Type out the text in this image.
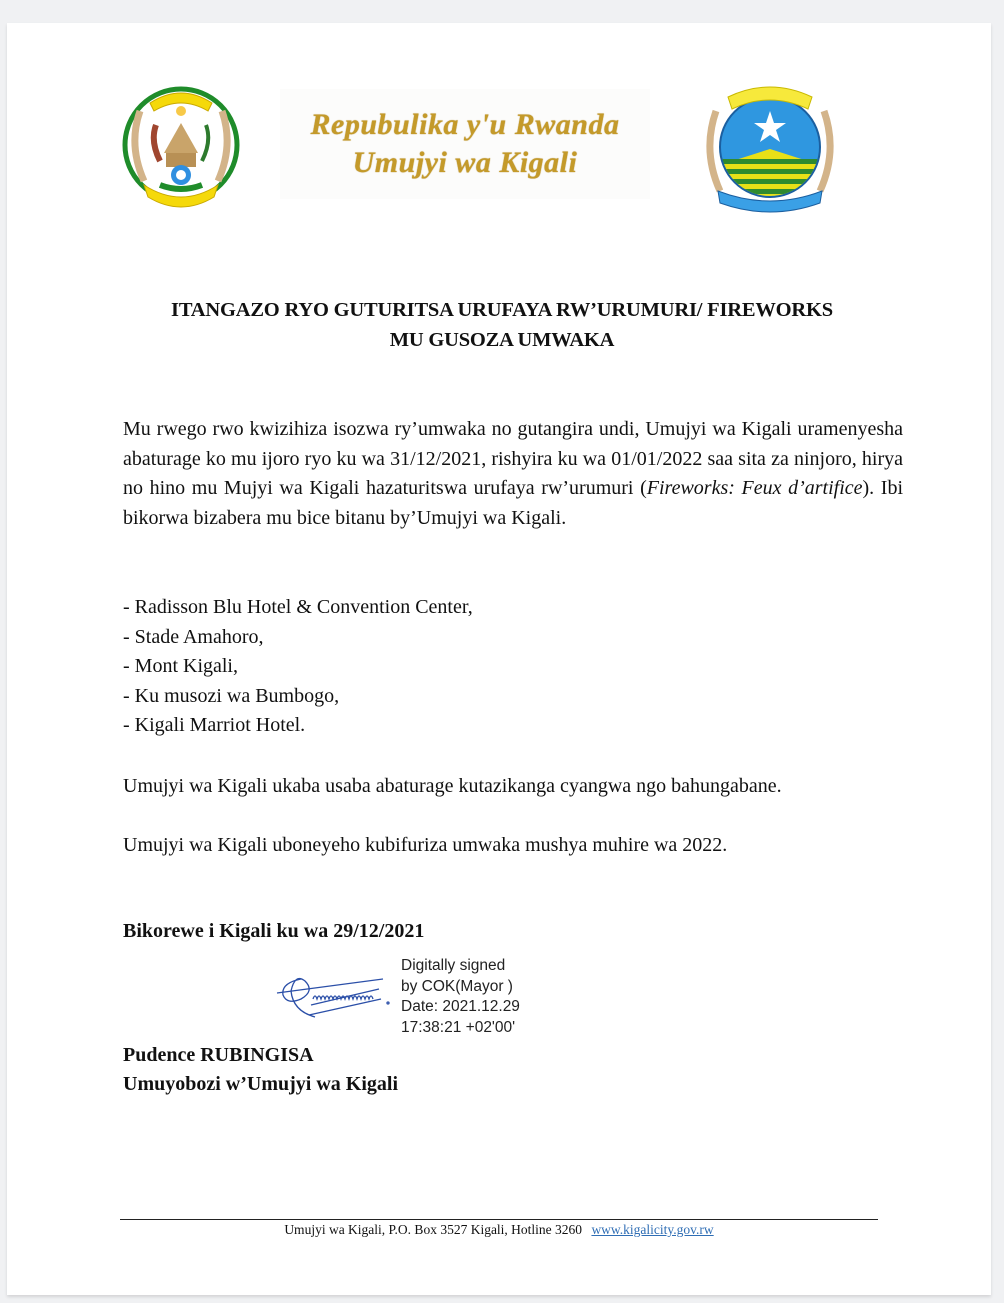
Repubulika y'u Rwanda
Umujyi wa Kigali
ITANGAZO RYO GUTURITSA URUFAYA RW’URUMURI/ FIREWORKS
MU GUSOZA UMWAKA
Mu rwego rwo kwizihiza isozwa ry’umwaka no gutangira undi, Umujyi wa Kigali uramenyesha abaturage ko mu ijoro ryo ku wa 31/12/2021, rishyira ku wa 01/01/2022 saa sita za ninjoro, hirya no hino mu Mujyi wa Kigali hazaturitswa urufaya rw’urumuri (Fireworks: Feux d’artifice). Ibi bikorwa bizabera mu bice bitanu by’Umujyi wa Kigali.
- Radisson Blu Hotel & Convention Center,
- Stade Amahoro,
- Mont Kigali,
- Ku musozi wa Bumbogo,
- Kigali Marriot Hotel.
Umujyi wa Kigali ukaba usaba abaturage kutazikanga cyangwa ngo bahungabane.
Umujyi wa Kigali uboneyeho kubifuriza umwaka mushya muhire wa 2022.
Bikorewe i Kigali ku wa 29/12/2021
Digitally signed
by COK(Mayor )
Date: 2021.12.29
17:38:21 +02'00'
Pudence RUBINGISA
Umuyobozi w’Umujyi wa Kigali
Umujyi wa Kigali, P.O. Box 3527 Kigali, Hotline 3260 www.kigalicity.gov.rw
